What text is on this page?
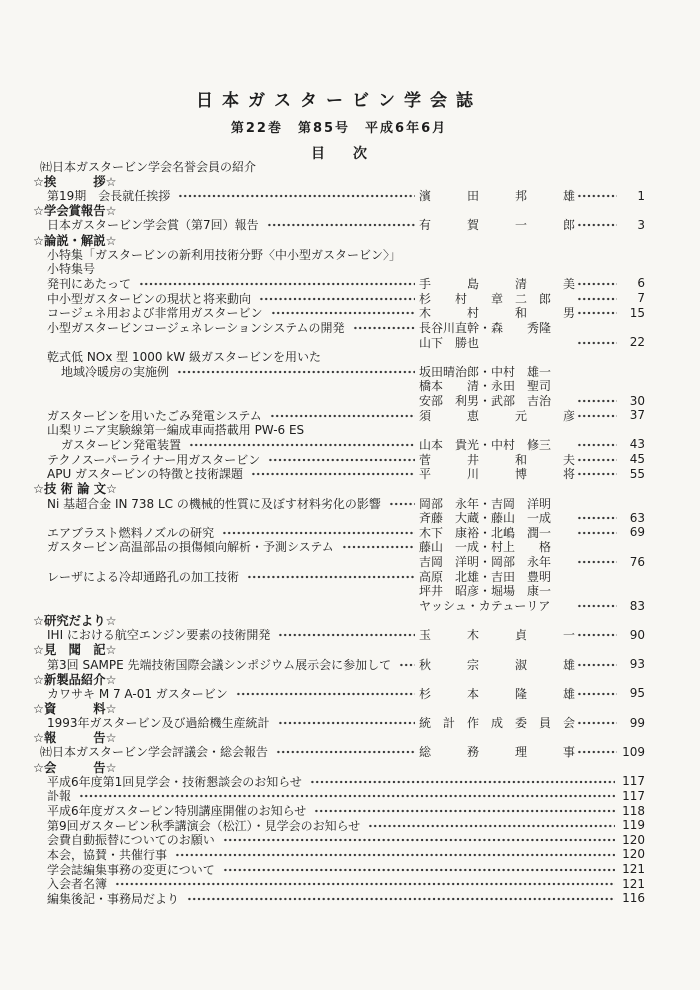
日本ガスタービン学会誌
第22巻　第85号　平成6年6月
目　　次
㈳日本ガスタービン学会名誉会員の紹介
☆挨　　　拶☆
第19期　会長就任挨拶	濱　　　田　　　邦　　　雄	1
☆学会賞報告☆
日本ガスタービン学会賞（第7回）報告	有　　　賀　　　一　　　郎	3
☆論説・解説☆
小特集「ガスタービンの新利用技術分野〈中小型ガスタービン〉」
小特集号
発刊にあたって	手　　　島　　　清　　　美	6
中小型ガスタービンの現状と将来動向	杉　　村　　章　二　郎	7
コージェネ用および非常用ガスタービン	木　　　村　　　和　　　男	15
小型ガスタービンコージェネレーションシステムの開発	長谷川直幹・森　　秀隆
山下　勝也	22
乾式低 NOx 型 1000 kW 級ガスタービンを用いた
地域冷暖房の実施例	坂田晴治郎・中村　雄一
橋本　　清・永田　聖司
安部　利男・武部　吉治	30
ガスタービンを用いたごみ発電システム	須　　　恵　　　元　　　彦	37
山梨リニア実験線第一編成車両搭載用 PW-6 ES
ガスタービン発電装置	山本　貴光・中村　修三	43
テクノスーパーライナー用ガスタービン	菅　　　井　　　和　　　夫	45
APU ガスタービンの特徴と技術課題	平　　　川　　　博　　　将	55
☆技 術 論 文☆
Ni 基超合金 IN 738 LC の機械的性質に及ぼす材料劣化の影響	岡部　永年・吉岡　洋明
斉藤　大蔵・藤山　一成	63
エアブラスト燃料ノズルの研究	木下　康裕・北嶋　潤一	69
ガスタービン高温部品の損傷傾向解析・予測システム	藤山　一成・村上　　格
吉岡　洋明・岡部　永年	76
レーザによる冷却通路孔の加工技術	高原　北雄・吉田　豊明
坪井　昭彦・堀場　康一
ヤッシュ・カテューリア	83
☆研究だより☆
IHI における航空エンジン要素の技術開発	玉　　　木　　　貞　　　一	90
☆見　聞　記☆
第3回 SAMPE 先端技術国際会議シンポジウム展示会に参加して 秋　　　宗　　　淑　　　雄	93
☆新製品紹介☆
カワサキ M 7 A-01 ガスタービン	杉　　　本　　　隆　　　雄	95
☆資　　　料☆
1993年ガスタービン及び過給機生産統計	統　計　作　成　委　員　会	99
☆報　　　告☆
㈳日本ガスタービン学会評議会・総会報告	総　　　務　　　理　　　事	109
☆会　　　告☆
平成6年度第1回見学会・技術懇談会のお知らせ	117
訃報	117
平成6年度ガスタービン特別講座開催のお知らせ	118
第9回ガスタービン秋季講演会（松江）・見学会のお知らせ	119
会費自動振替についてのお願い	120
本会，協賛・共催行事	120
学会誌編集事務の変更について	121
入会者名簿	121
編集後記・事務局だより	116
